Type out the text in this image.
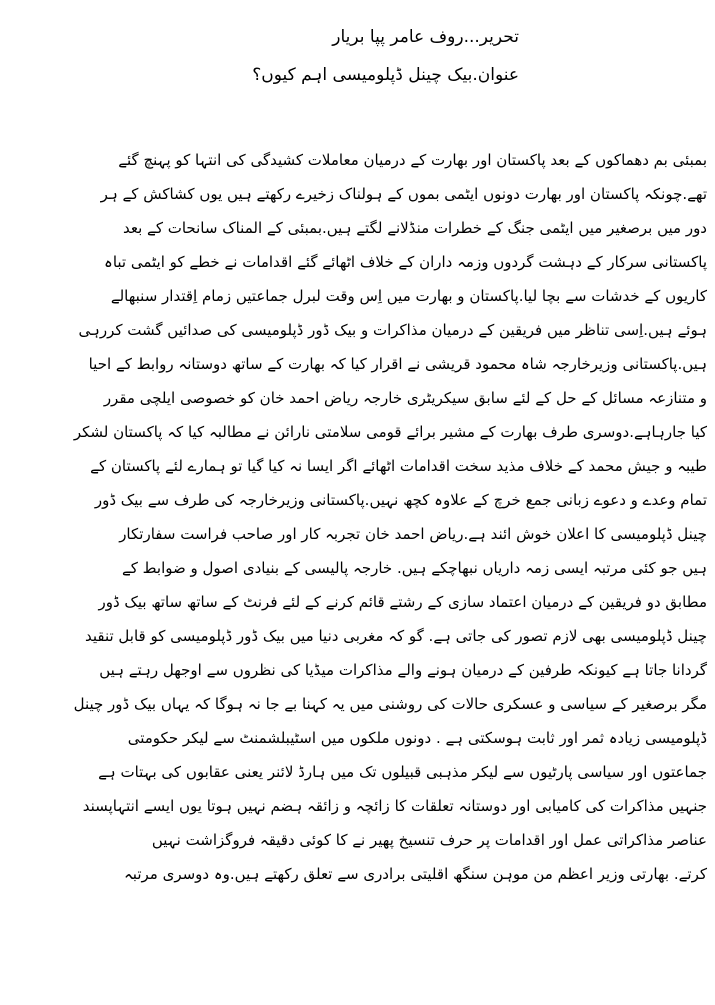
تحریر...روف عامر پپا بریار
عنوان.بیک چینل ڈپلومیسی اہم کیوں؟
بمبئی بم دھماکوں کے بعد پاکستان اور بھارت کے درمیان معاملات کشیدگی کی انتہا کو پہنچ گئے
تھے.چونکہ پاکستان اور بھارت دونوں ایٹمی بموں کے ہولناک زخیرے رکھتے ہیں یوں کشاکش کے ہر
دور میں برصغیر میں ایٹمی جنگ کے خطرات منڈلانے لگتے ہیں.بمبئی کے المناک سانحات کے بعد
پاکستانی سرکار کے دہشت گردوں وزمہ داران کے خلاف اٹھائے گئے اقدامات نے خطے کو ایٹمی تباہ
کاریوں کے خدشات سے بچا لیا.پاکستان و بھارت میں اِس وقت لبرل جماعتیں زمام اِقتدار سنبھالے
ہوئے ہیں.اِسی تناظر میں فریقین کے درمیان مذاکرات و بیک ڈور ڈپلومیسی کی صدائیں گشت کررہی
ہیں.پاکستانی وزیرخارجہ شاہ محمود قریشی نے اقرار کیا کہ بھارت کے ساتھ دوستانہ روابط کے احیا
و متنازعہ مسائل کے حل کے لئے سابق سیکریٹری خارجہ ریاض احمد خان کو خصوصی ایلچی مقرر
کیا جارہاہے.دوسری طرف بھارت کے مشیر برائے قومی سلامتی نارائن نے مطالبہ کیا کہ پاکستان لشکر
طیبہ و جیش محمد کے خلاف مذید سخت اقدامات اٹھائے اگر ایسا نہ کیا گیا تو ہمارے لئے پاکستان کے
تمام وعدے و دعوے زبانی جمع خرچ کے علاوہ کچھ نہیں.پاکستانی وزیرخارجہ کی طرف سے بیک ڈور
چینل ڈپلومیسی کا اعلان خوش ائند ہے.ریاض احمد خان تجربہ کار اور صاحب فراست سفارتکار
ہیں جو کئی مرتبہ ایسی زمہ داریاں نبھاچکے ہیں. خارجہ پالیسی کے بنیادی اصول و ضوابط کے
مطابق دو فریقین کے درمیان اعتماد سازی کے رشتے قائم کرنے کے لئے فرنٹ کے ساتھ ساتھ بیک ڈور
چینل ڈپلومیسی بھی لازم تصور کی جاتی ہے. گو کہ مغربی دنیا میں بیک ڈور ڈپلومیسی کو قابل تنقید
گردانا جاتا ہے کیونکہ طرفین کے درمیان ہونے والے مذاکرات میڈیا کی نظروں سے اوجھل رہتے ہیں
مگر برصغیر کے سیاسی و عسکری حالات کی روشنی میں یہ کہنا بے جا نہ ہوگا کہ یہاں بیک ڈور چینل
ڈپلومیسی زیادہ ثمر اور ثابت ہوسکتی ہے . دونوں ملکوں میں اسٹیبلشمنٹ سے لیکر حکومتی
جماعتوں اور سیاسی پارٹیوں سے لیکر مذہبی قبیلوں تک میں ہارڈ لائنر یعنی عقابوں کی بہتات ہے
جنہیں مذاکرات کی کامیابی اور دوستانہ تعلقات کا زائچہ و زائقہ ہضم نہیں ہوتا یوں ایسے انتہاپسند
عناصر مذاکراتی عمل اور اقدامات پر حرف تنسیخ پھیر نے کا کوئی دقیقہ فروگزاشت نہیں
کرتے. بھارتی وزیر اعظم من موہن سنگھ اقلیتی برادری سے تعلق رکھتے ہیں.وہ دوسری مرتبہ
